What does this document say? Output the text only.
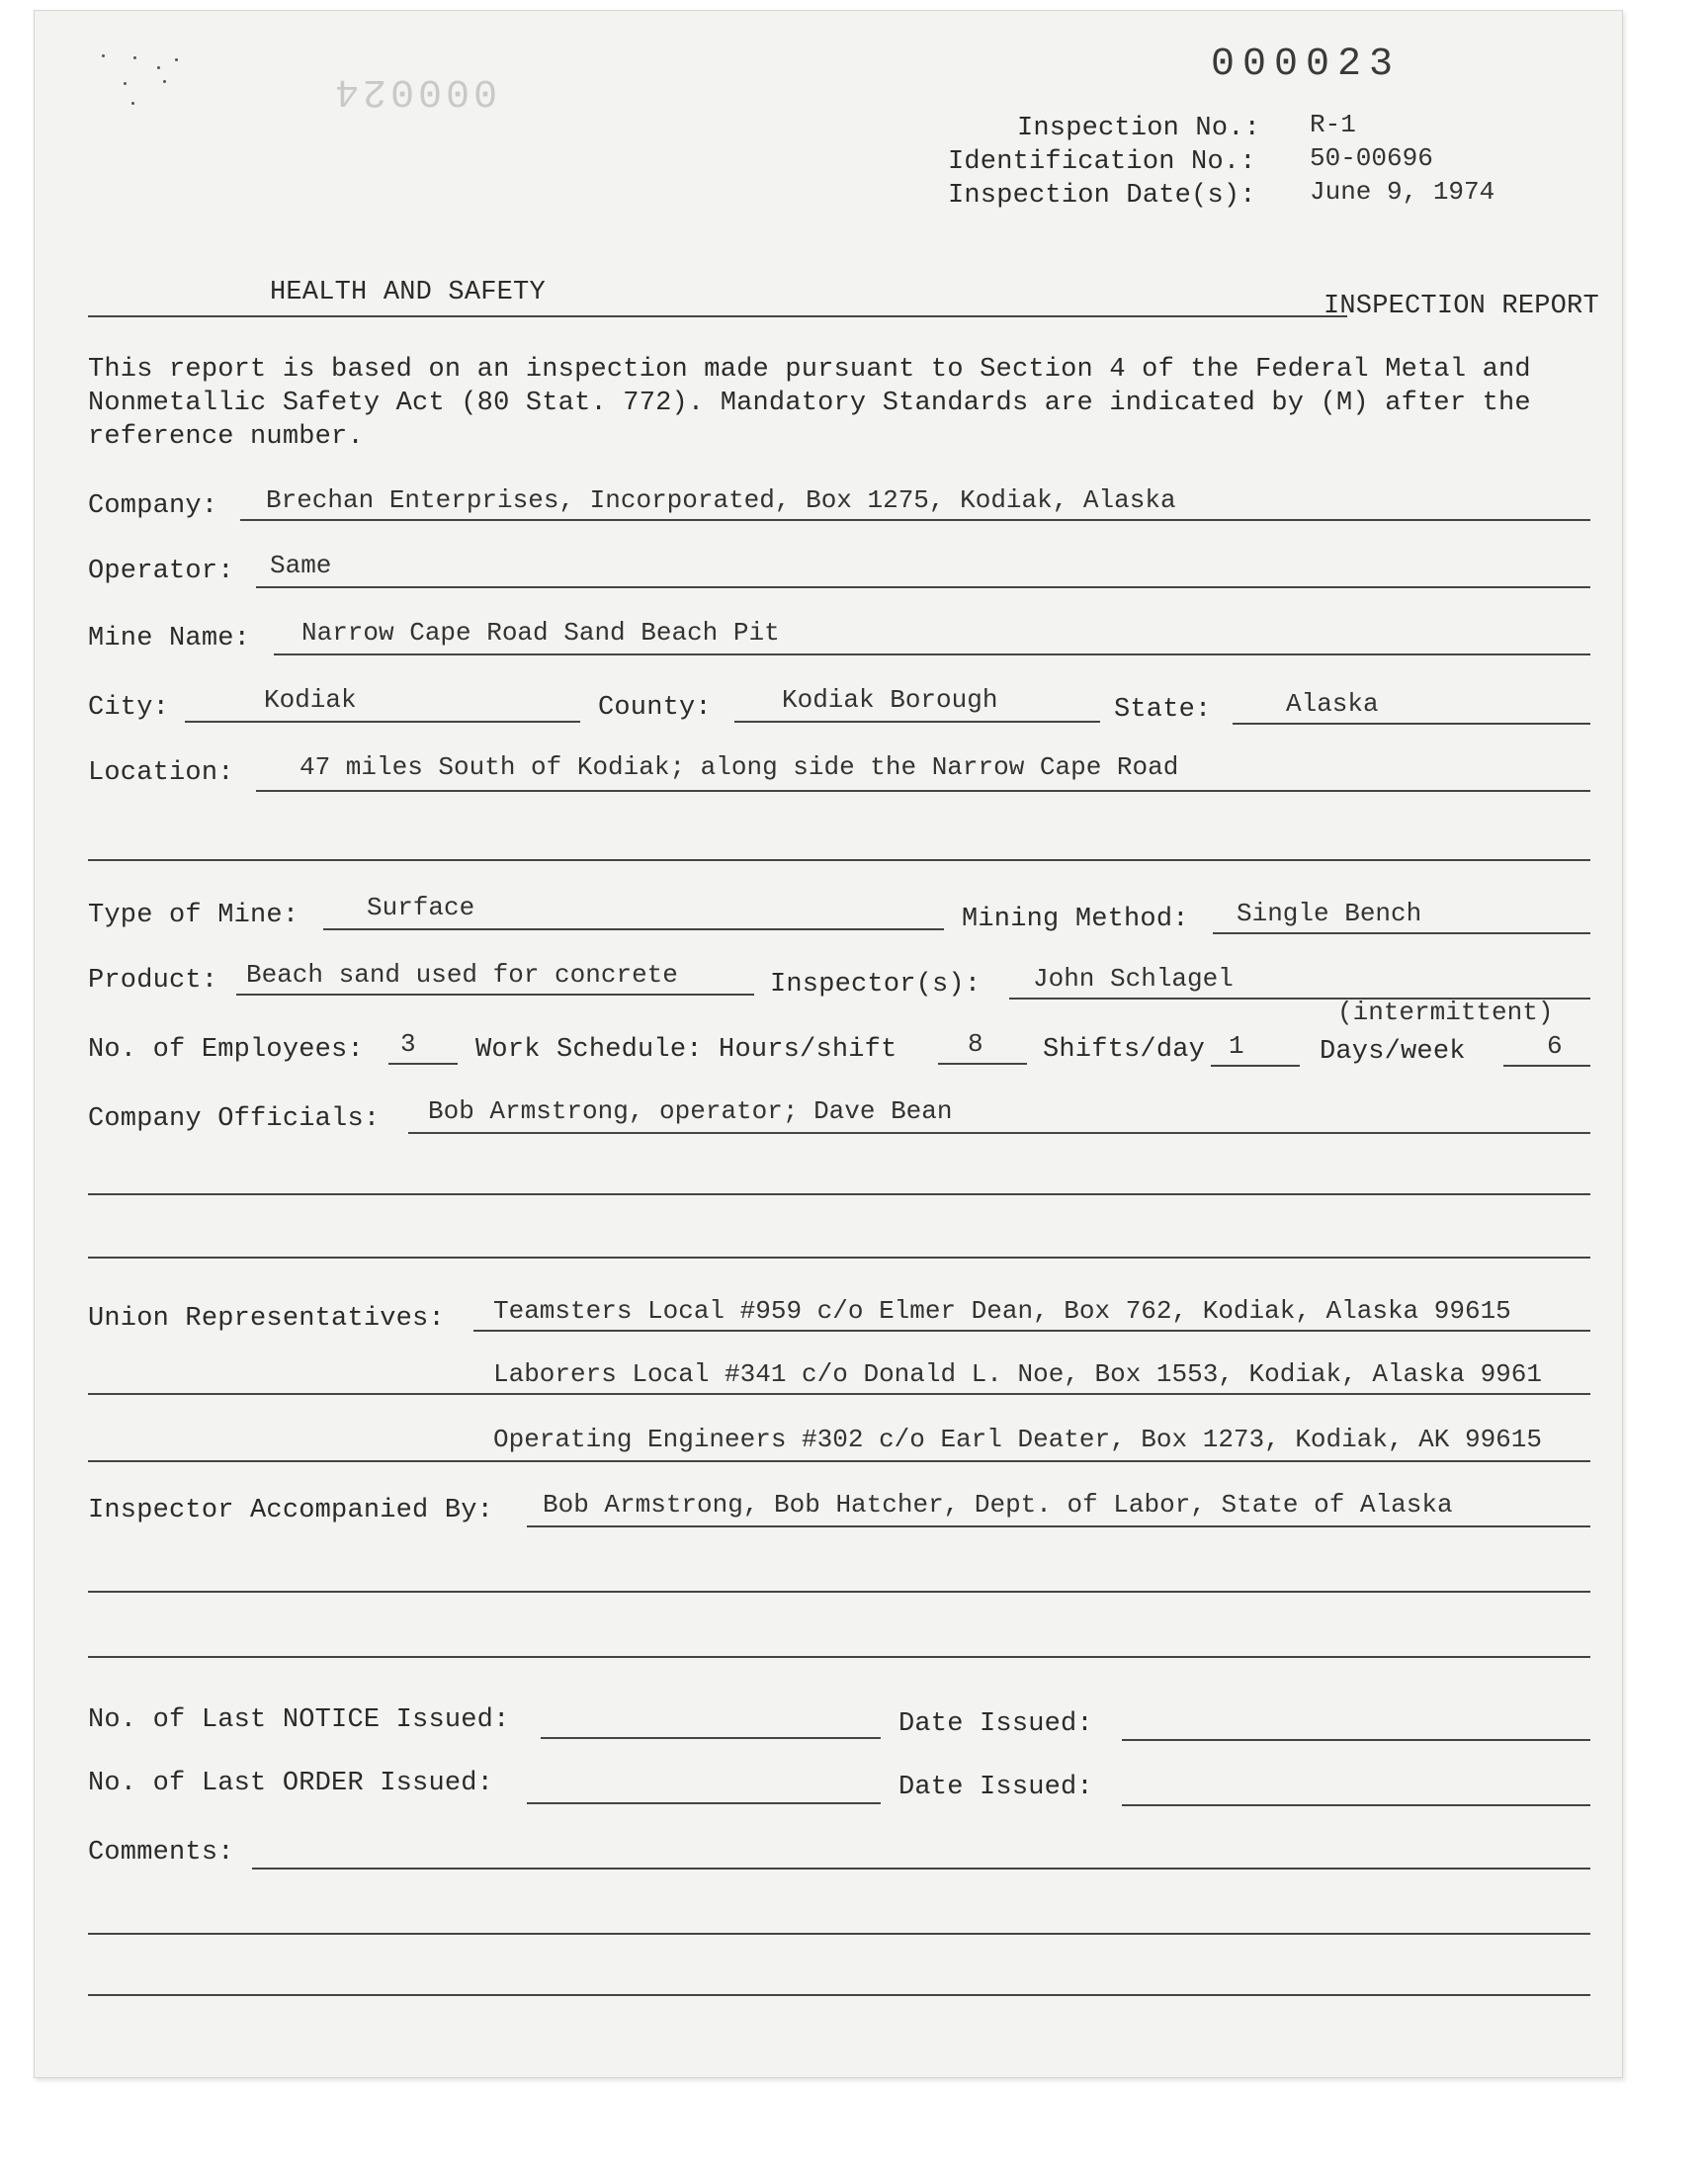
000024
000023
Inspection No.: R-1
Identification No.: 50-00696
Inspection Date(s): June 9, 1974
HEALTH AND SAFETY	INSPECTION REPORT
This report is based on an inspection made pursuant to Section 4 of the Federal Metal and
Nonmetallic Safety Act (80 Stat. 772). Mandatory Standards are indicated by (M) after the
reference number.
Company: Brechan Enterprises, Incorporated, Box 1275, Kodiak, Alaska
Operator: Same
Mine Name: Narrow Cape Road Sand Beach Pit
City:	Kodiak	County:	Kodiak Borough	State:	Alaska
Location:	47 miles South of Kodiak; along side the Narrow Cape Road
Type of Mine:	Surface	Mining Method: Single Bench
Product: Beach sand used for concrete	Inspector(s): John Schlagel
(intermittent)
No. of Employees: 3 Work Schedule: Hours/shift	8 Shifts/day 1	Days/week	6
Company Officials: Bob Armstrong, operator; Dave Bean
Union Representatives: Teamsters Local #959 c/o Elmer Dean, Box 762, Kodiak, Alaska 99615
Laborers Local #341 c/o Donald L. Noe, Box 1553, Kodiak, Alaska 9961
Operating Engineers #302 c/o Earl Deater, Box 1273, Kodiak, AK 99615
Inspector Accompanied By: Bob Armstrong, Bob Hatcher, Dept. of Labor, State of Alaska
No. of Last NOTICE Issued:	Date Issued:
No. of Last ORDER Issued:	Date Issued:
Comments:
